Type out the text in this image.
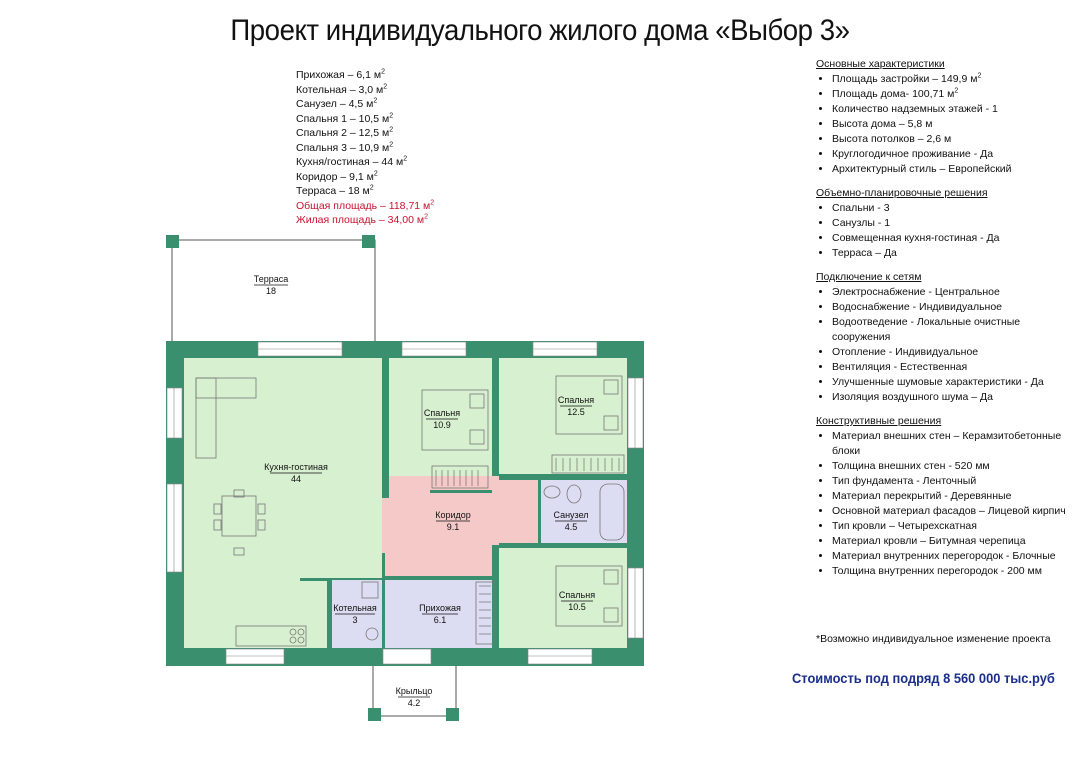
Проект индивидуального жилого дома «Выбор 3»
Прихожая – 6,1 $м^2$
Котельная – 3,0 $м^2$
Санузел – 4,5 $м^2$
Спальня 1 – 10,5 $м^2$
Спальня 2 – 12,5 $м^2$
Спальня 3 – 10,9 $м^2$
Кухня/гостиная – 44 $м^2$
Коридор – 9,1 $м^2$
Терраса – 18 $м^2$
Общая площадь – 118,71 $м^2$
Жилая площадь – 34,00 $м^2$
Терраса
18
Крыльцо
4.2
Кухня-гостиная
44
Спальня
10.9
Спальня
12.5
Коридор
9.1
Санузел
4.5
Спальня
10.5
Котельная
3
Прихожая
6.1
Основные характеристики
• Площадь застройки – 149,9 $м^2$
• Площадь дома- 100,71 $м^2$
• Количество надземных этажей - 1
• Высота дома – 5,8 м
• Высота потолков – 2,6 м
• Круглогодичное проживание - Да
• Архитектурный стиль – Европейский
Объемно-планировочные решения
• Спальни - 3
• Санузлы - 1
• Совмещенная кухня-гостиная - Да
• Терраса – Да
Подключение к сетям
• Электроснабжение - Центральное
• Водоснабжение - Индивидуальное
• Водоотведение - Локальные очистные сооружения
• Отопление - Индивидуальное
• Вентиляция - Естественная
• Улучшенные шумовые характеристики - Да
• Изоляция воздушного шума – Да
Конструктивные решения
• Материал внешних стен – Керамзитобетонные блоки
• Толщина внешних стен - 520 мм
• Тип фундамента - Ленточный
• Материал перекрытий - Деревянные
• Основной материал фасадов – Лицевой кирпич
• Тип кровли – Четырехскатная
• Материал кровли – Битумная черепица
• Материал внутренних перегородок - Блочные
• Толщина внутренних перегородок - 200 мм
*Возможно индивидуальное изменение проекта
Стоимость под подряд 8 560 000 тыс.руб
